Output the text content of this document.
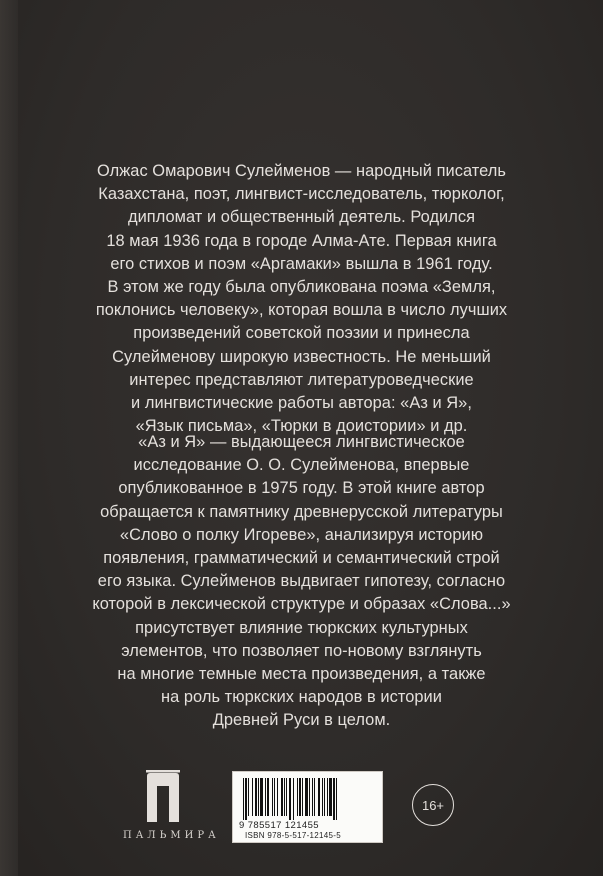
Олжас Омарович Сулейменов — народный писатель
Казахстана, поэт, лингвист-исследователь, тюрколог,
дипломат и общественный деятель. Родился
18 мая 1936 года в городе Алма-Ате. Первая книга
его стихов и поэм «Аргамаки» вышла в 1961 году.
В этом же году была опубликована поэма «Земля,
поклонись человеку», которая вошла в число лучших
произведений советской поэзии и принесла
Сулейменову широкую известность. Не меньший
интерес представляют литературоведческие
и лингвистические работы автора: «Аз и Я»,
«Язык письма», «Тюрки в доистории» и др.
«Аз и Я» — выдающееся лингвистическое
исследование О. О. Сулейменова, впервые
опубликованное в 1975 году. В этой книге автор
обращается к памятнику древнерусской литературы
«Слово о полку Игореве», анализируя историю
появления, грамматический и семантический строй
его языка. Сулейменов выдвигает гипотезу, согласно
которой в лексической структуре и образах «Слова...»
присутствует влияние тюркских культурных
элементов, что позволяет по-новому взглянуть
на многие темные места произведения, а также
на роль тюркских народов в истории
Древней Руси в целом.
ПАЛЬМИРА
9 785517 121455
ISBN 978-5-517-12145-5
16+
